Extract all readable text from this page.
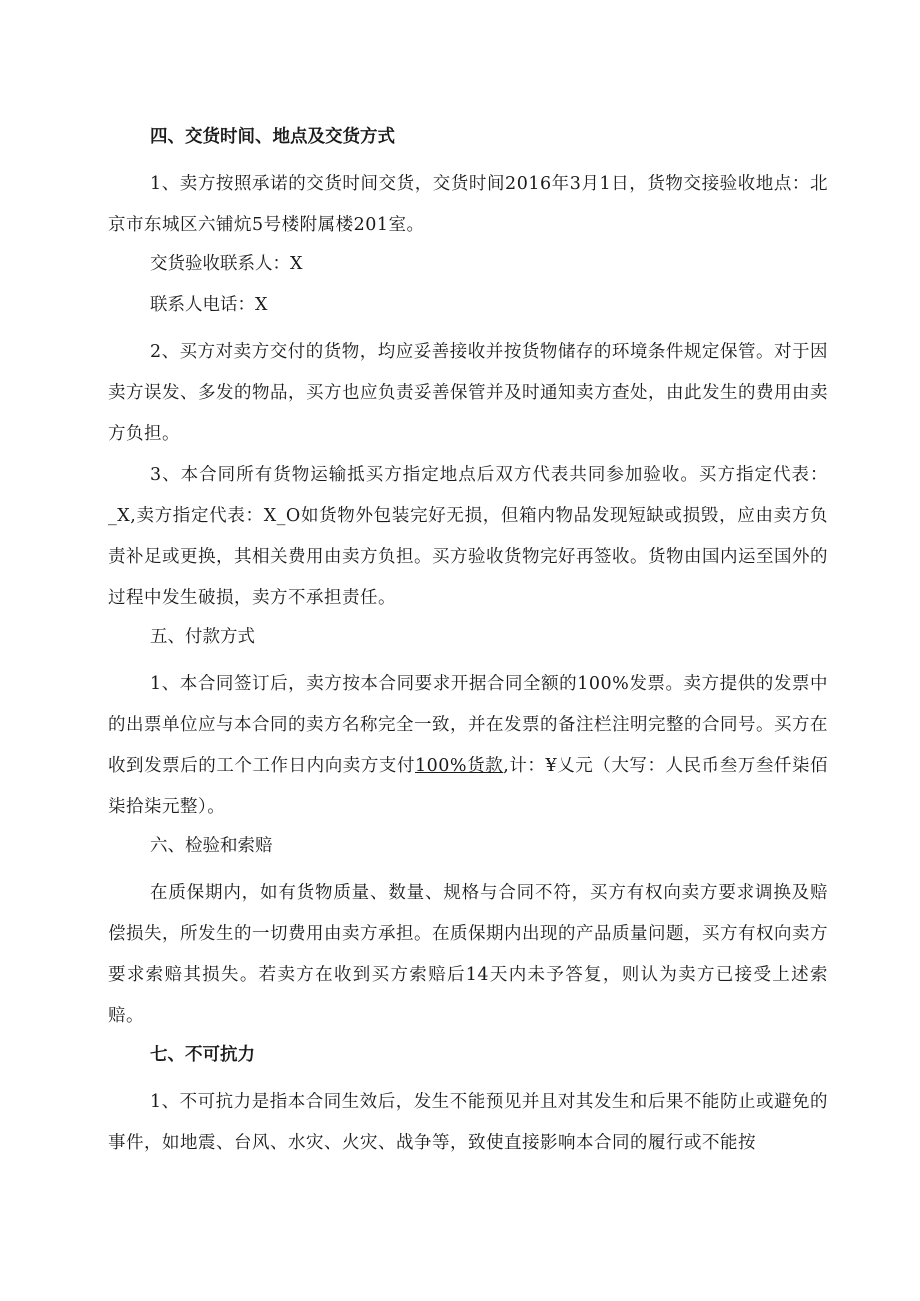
四、交货时间、地点及交货方式

1、卖方按照承诺的交货时间交货，交货时间2016年3月1日，货物交接验收地点：北京市东城区六铺炕5号楼附属楼201室。

交货验收联系人：X
联系人电话：X

2、买方对卖方交付的货物，均应妥善接收并按货物储存的环境条件规定保管。对于因卖方误发、多发的物品，买方也应负责妥善保管并及时通知卖方查处，由此发生的费用由卖方负担。

3、本合同所有货物运输抵买方指定地点后双方代表共同参加验收。买方指定代表：_X,卖方指定代表：X_O如货物外包装完好无损，但箱内物品发现短缺或损毁，应由卖方负责补足或更换，其相关费用由卖方负担。买方验收货物完好再签收。货物由国内运至国外的过程中发生破损，卖方不承担责任。

五、付款方式

1、本合同签订后，卖方按本合同要求开据合同全额的100%发票。卖方提供的发票中的出票单位应与本合同的卖方名称完全一致，并在发票的备注栏注明完整的合同号。买方在收到发票后的工个工作日内向卖方支付100%货款,计：¥乂元（大写：人民币叁万叁仟柒佰柒拾柒元整）。

六、检验和索赔

在质保期内，如有货物质量、数量、规格与合同不符，买方有权向卖方要求调换及赔偿损失，所发生的一切费用由卖方承担。在质保期内出现的产品质量问题，买方有权向卖方要求索赔其损失。若卖方在收到买方索赔后14天内未予答复，则认为卖方已接受上述索赔。

七、不可抗力

1、不可抗力是指本合同生效后，发生不能预见并且对其发生和后果不能防止或避免的事件，如地震、台风、水灾、火灾、战争等，致使直接影响本合同的履行或不能按
